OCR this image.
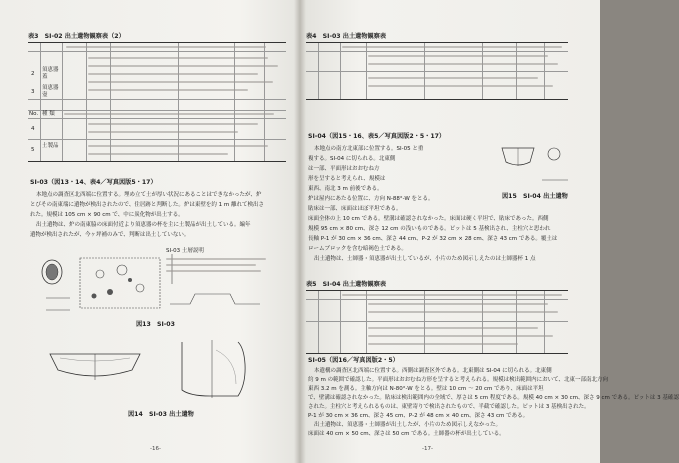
表3　SI-02 出土遺物観察表（2）
2
3
No.
4
5
須恵器 蓋
須恵器 壺
種 類
土製品
SI-03（図13・14、表4／写真図版5・17）
本地点の調査区北西端に位置する。埋め立て土が厚い状況にあることはできなかったが、炉
とびその南東端に遺物が検出されたので、住居跡と判断した。炉は東壁を約 1 m 離れて検出さ
れた。規模は 105 cm × 90 cm で、中に炭化物が出土する。
出土遺物は、炉の南東脇の床面付近より須恵器の杯を主に土製品が出土している。編年
遺物が検出されたが、今ヶ坪補のみで、判断は出土していない。
SI-03 土層説明
図13　SI-03
図14　SI-03 出土遺物
-16-
表4　SI-03 出土遺物観察表
SI-04（図15・16、表5／写真図版2・5・17）
本地点の南方北東部に位置する。SI-05 と重
複する。SI-04 に切られる。北東側
は一部、平面形はおおむね方
形を呈すると考えられ、規模は
東西、南北 3 m 前後である。
炉は屋内にあたる位置に、方向 N-88°-W をとる。
貼床は一部、床面はほぼ平坦である。
床面全体の上 10 cm である。壁溝は確認されなかった。床面は硬く平坦で、貼床であった。西側
規模 95 cm × 80 cm、深さ 12 cm の浅いものである。ピットは 5 基検出され、主柱穴と思われ
長軸 P-1 が 30 cm × 36 cm、深さ 44 cm、P-2 が 32 cm × 28 cm、深さ 43 cm である。覆土は
ロームブロックを含む暗褐色土である。
出土遺物は、土師器・須恵器が出土しているが、小片のため図示しえたのは土師器杯 1 点
図15　SI-04 出土遺物
表5　SI-04 出土遺物観察表
SI-05（図16／写真図版2・5）
本遺構の調査区北西端に位置する。西側は調査区外である。北東側は SI-04 に切られる。北東側
約 9 m の範囲で確認した。平面形はおおむね方形を呈すると考えられる。規模は検出範囲内において、北東一部南北方向
東西 3.2 m を測る。主軸方向は N-80°-W をとる。壁は 10 cm ～ 20 cm であり、床面は平坦
で、壁溝は確認されなかった。貼床は検出範囲内の全域で、厚さは 5 cm 程度である。規模 40 cm × 30 cm、深さ 9 cm である。ピットは 3 基確認
された。主柱穴と考えられるものは、東壁寄りで検出されたもので、半截で確認した。ピットは 3 基検出された。
P-1 が 30 cm × 36 cm、深さ 45 cm、P-2 が 48 cm × 40 cm、深さ 43 cm である。
出土遺物は、須恵器・土師器が出土したが、小片のため図示しえなかった。
床面は 40 cm × 50 cm、深さは 50 cm である。土師器の杯が出土している。
-17-
